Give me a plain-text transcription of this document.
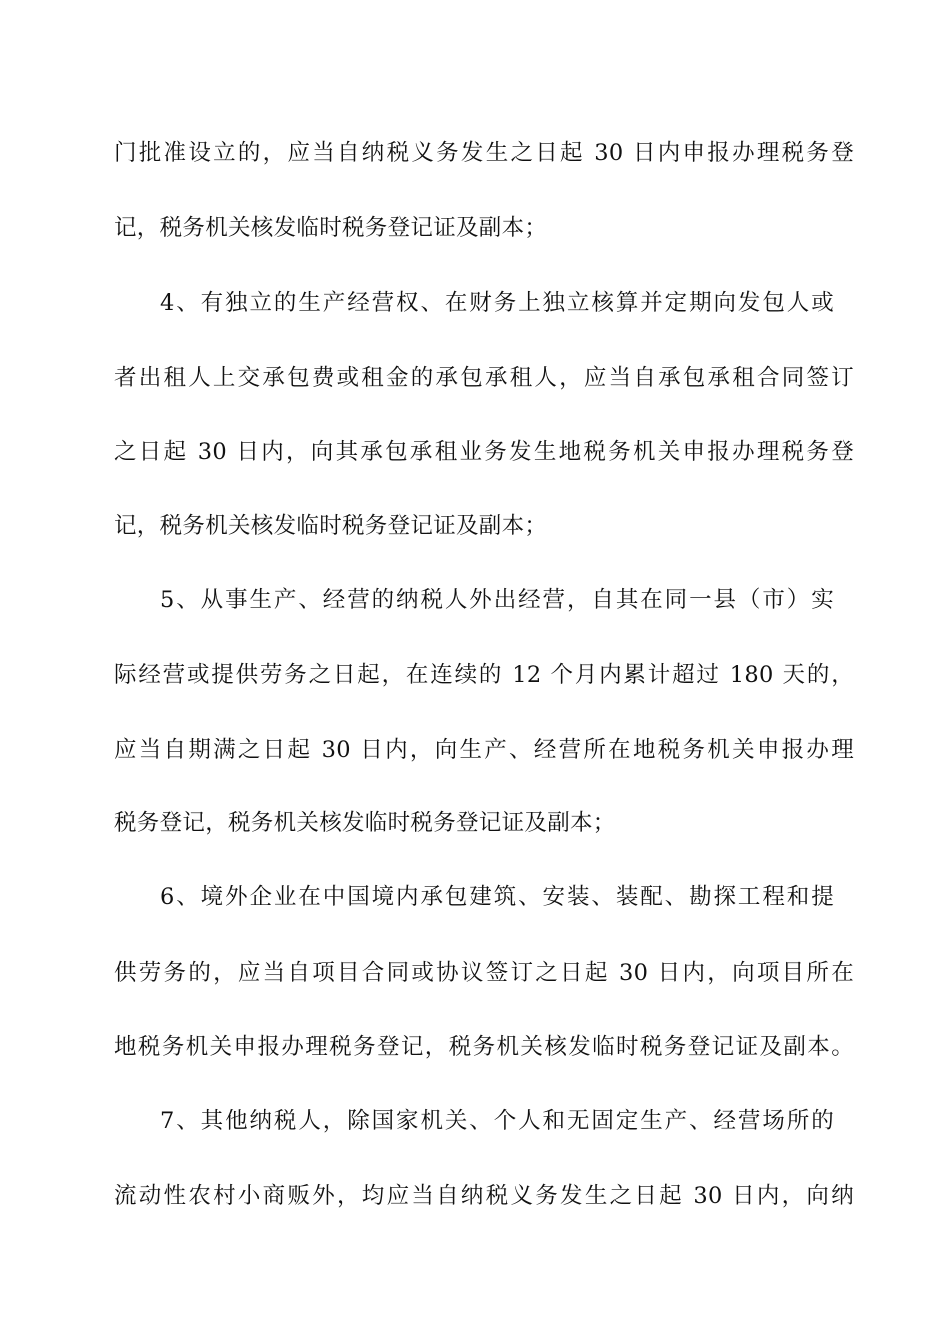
门批准设立的，应当自纳税义务发生之日起 30 日内申报办理税务登
记，税务机关核发临时税务登记证及副本；
4、有独立的生产经营权、在财务上独立核算并定期向发包人或
者出租人上交承包费或租金的承包承租人，应当自承包承租合同签订
之日起 30 日内，向其承包承租业务发生地税务机关申报办理税务登
记，税务机关核发临时税务登记证及副本；
5、从事生产、经营的纳税人外出经营，自其在同一县（市）实
际经营或提供劳务之日起，在连续的 12 个月内累计超过 180 天的，
应当自期满之日起 30 日内，向生产、经营所在地税务机关申报办理
税务登记，税务机关核发临时税务登记证及副本；
6、境外企业在中国境内承包建筑、安装、装配、勘探工程和提
供劳务的，应当自项目合同或协议签订之日起 30 日内，向项目所在
地税务机关申报办理税务登记，税务机关核发临时税务登记证及副本。
7、其他纳税人，除国家机关、个人和无固定生产、经营场所的
流动性农村小商贩外，均应当自纳税义务发生之日起 30 日内，向纳
